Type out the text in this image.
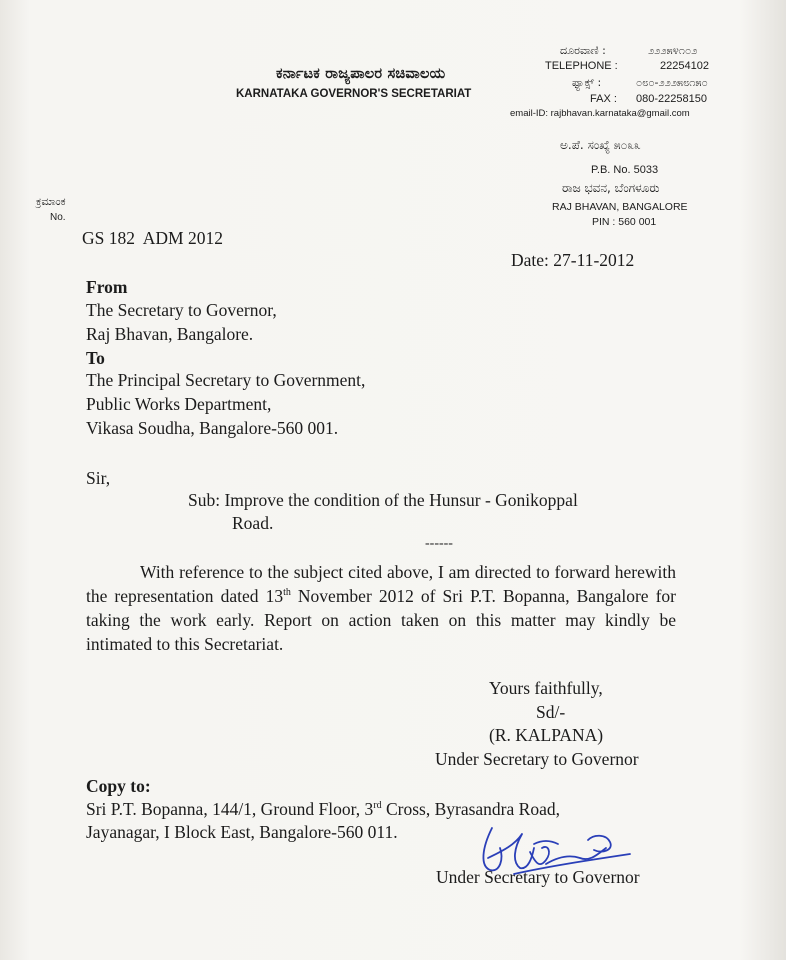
ಕರ್ನಾಟಕ ರಾಜ್ಯಪಾಲರ ಸಚಿವಾಲಯ
KARNATAKA GOVERNOR'S SECRETARIAT
ದೂರವಾಣಿ :	೨೨೨೫೪೧೦೨
TELEPHONE :	22254102
ಫ್ಯಾಕ್ಸ್ :	೦೮೦-೨೨೨೫೮೧೫೦
FAX : 080-22258150
email-ID: rajbhavan.karnataka@gmail.com
ಅ.ಪೆ. ಸಂಖ್ಯೆ ೫೦೩೩
P.B. No. 5033
ರಾಜ ಭವನ, ಬೆಂಗಳೂರು
RAJ BHAVAN, BANGALORE
PIN : 560 001
ಕ್ರಮಾಂಕ
No.
GS 182  ADM 2012
Date: 27-11-2012
From
The Secretary to Governor,
Raj Bhavan, Bangalore.
To
The Principal Secretary to Government,
Public Works Department,
Vikasa Soudha, Bangalore-560 001.
Sir,
Sub: Improve the condition of the Hunsur - Gonikoppal
Road.
------
With reference to the subject cited above, I am directed to forward herewith the representation dated 13th November 2012 of Sri P.T. Bopanna, Bangalore for taking the work early. Report on action taken on this matter may kindly be intimated to this Secretariat.
Yours faithfully,
Sd/-
(R. KALPANA)
Under Secretary to Governor
Copy to:
Sri P.T. Bopanna, 144/1, Ground Floor, 3rd Cross, Byrasandra Road,
Jayanagar, I Block East, Bangalore-560 011.
Under Secretary to Governor
